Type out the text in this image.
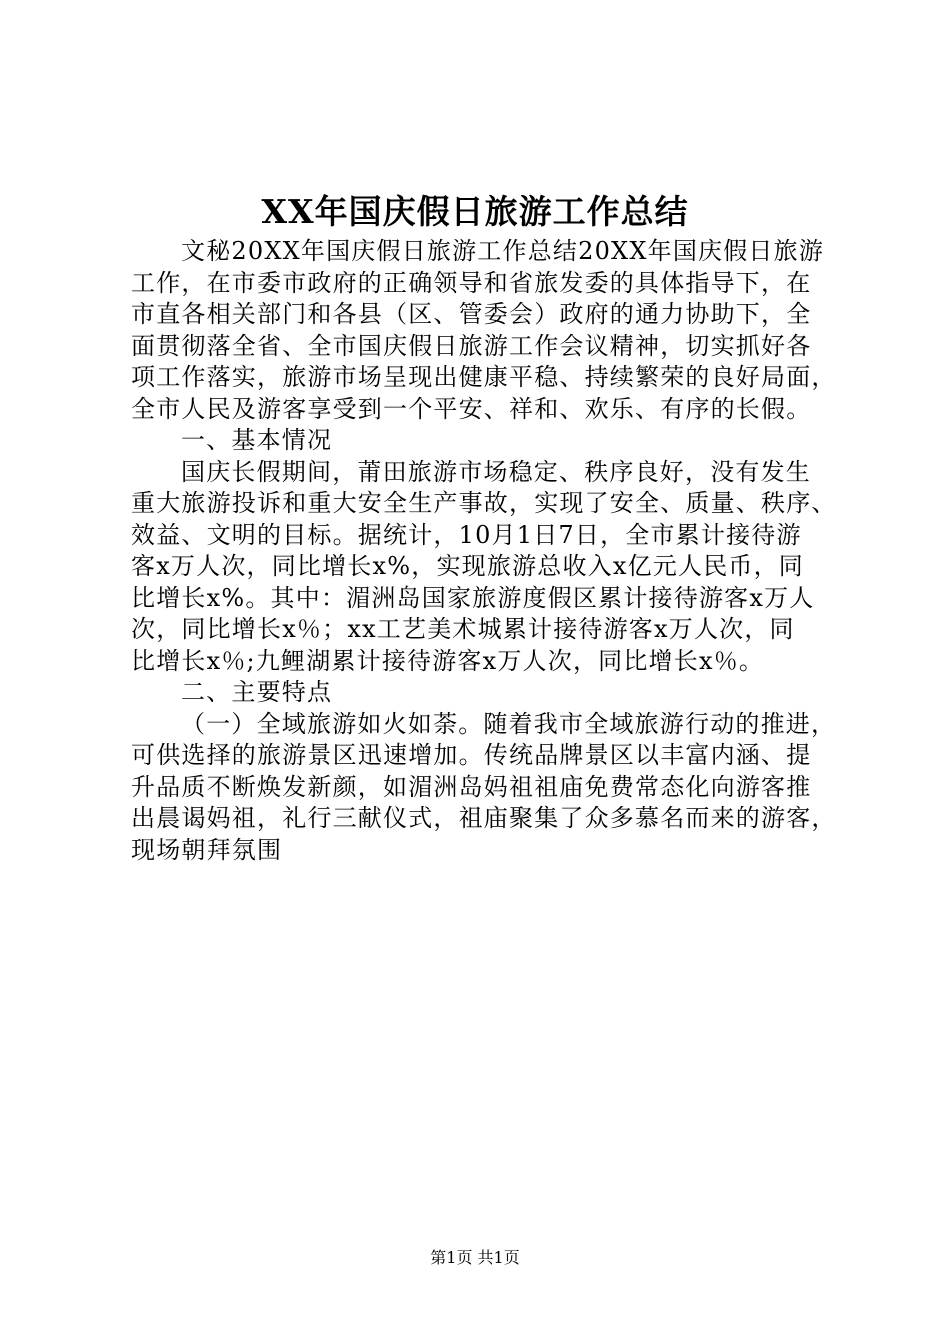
XX年国庆假日旅游工作总结
文秘20XX年国庆假日旅游工作总结20XX年国庆假日旅游
工作，在市委市政府的正确领导和省旅发委的具体指导下，在
市直各相关部门和各县（区、管委会）政府的通力协助下，全
面贯彻落全省、全市国庆假日旅游工作会议精神，切实抓好各
项工作落实，旅游市场呈现出健康平稳、持续繁荣的良好局面，
全市人民及游客享受到一个平安、祥和、欢乐、有序的长假。
一、基本情况
国庆长假期间，莆田旅游市场稳定、秩序良好，没有发生
重大旅游投诉和重大安全生产事故，实现了安全、质量、秩序、
效益、文明的目标。据统计，10月1日7日，全市累计接待游
客x万人次，同比增长x%，实现旅游总收入x亿元人民币，同
比增长x%。其中：湄洲岛国家旅游度假区累计接待游客x万人
次，同比增长x％；xx工艺美术城累计接待游客x万人次，同
比增长x％;九鲤湖累计接待游客x万人次，同比增长x％。
二、主要特点
（一）全域旅游如火如荼。随着我市全域旅游行动的推进，
可供选择的旅游景区迅速增加。传统品牌景区以丰富内涵、提
升品质不断焕发新颜，如湄洲岛妈祖祖庙免费常态化向游客推
出晨谒妈祖，礼行三献仪式，祖庙聚集了众多慕名而来的游客，
现场朝拜氛围
第1页 共1页
